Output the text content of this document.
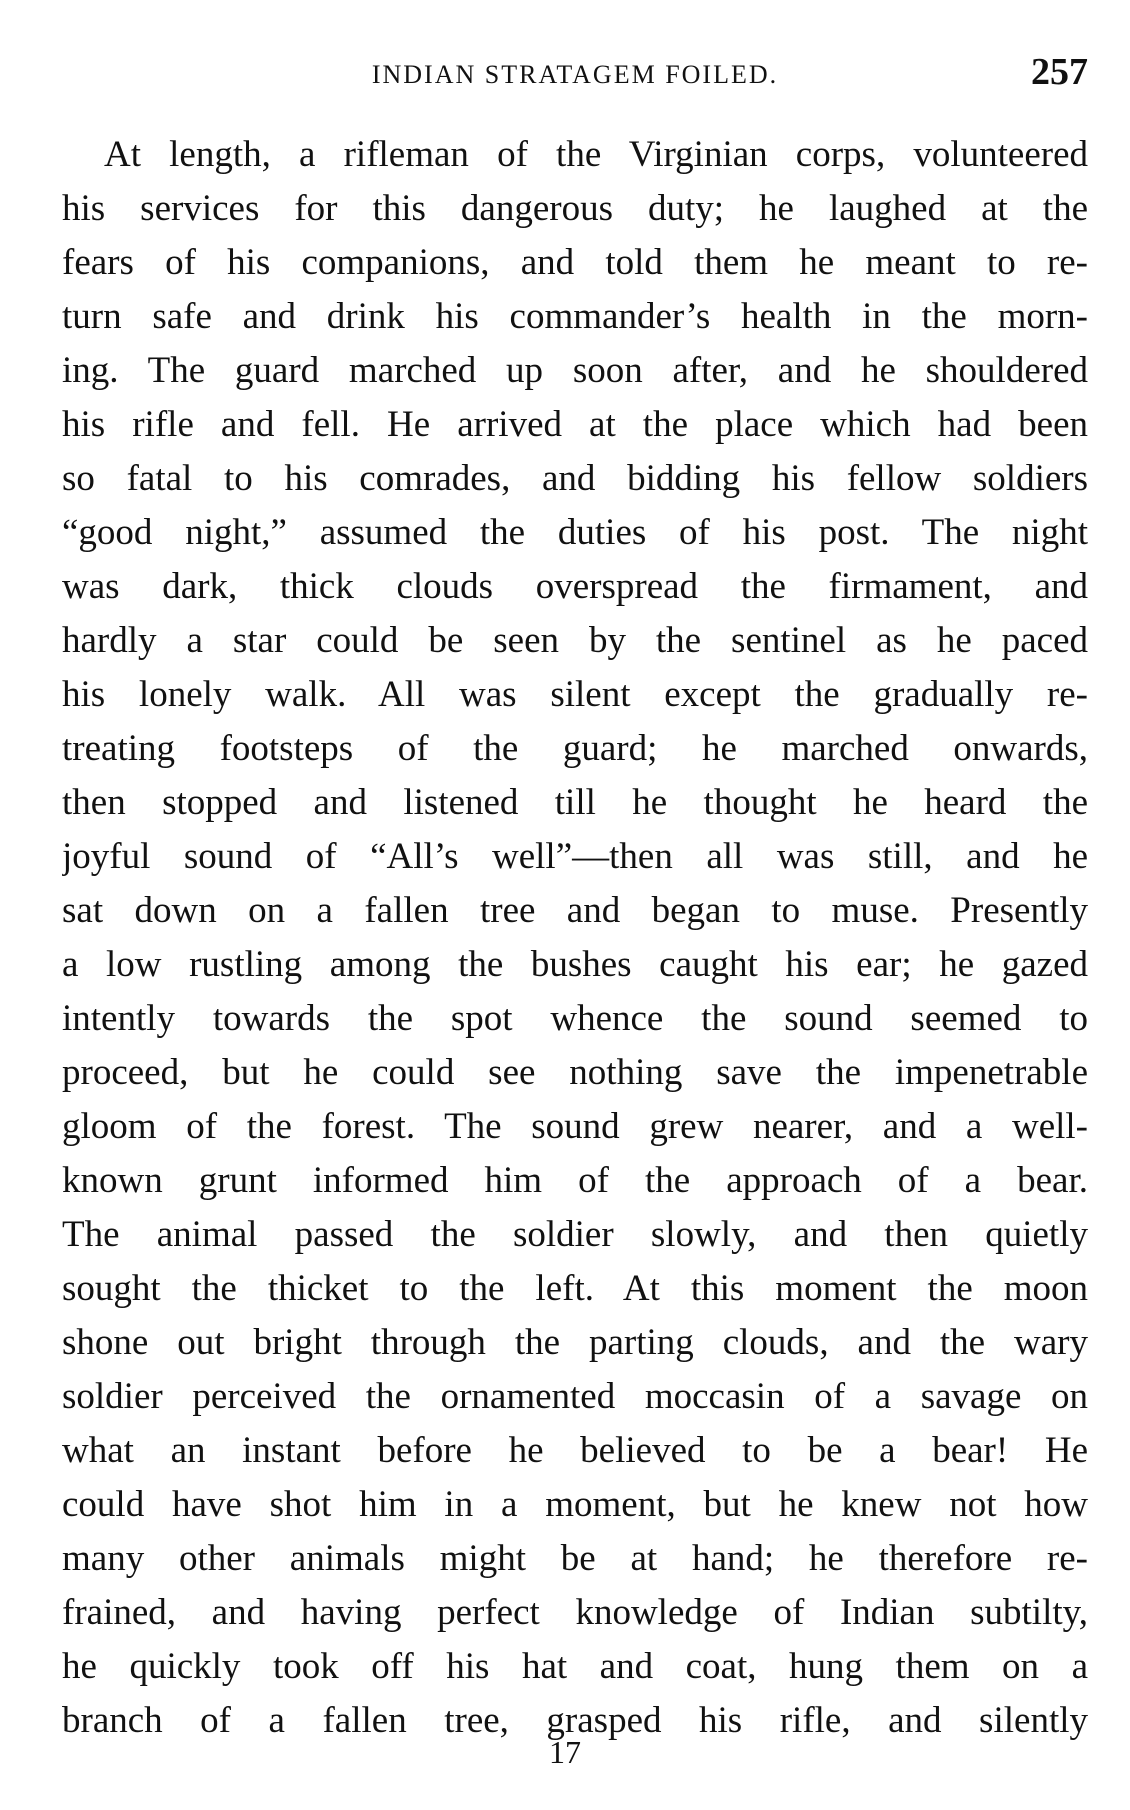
INDIAN STRATAGEM FOILED.	257
At length, a rifleman of the Virginian corps, volunteered
his services for this dangerous duty; he laughed at the
fears of his companions, and told them he meant to re-
turn safe and drink his commander’s health in the morn-
ing. The guard marched up soon after, and he shouldered
his rifle and fell. He arrived at the place which had been
so fatal to his comrades, and bidding his fellow soldiers
“good night,” assumed the duties of his post. The night
was dark, thick clouds overspread the firmament, and
hardly a star could be seen by the sentinel as he paced
his lonely walk. All was silent except the gradually re-
treating footsteps of the guard; he marched onwards,
then stopped and listened till he thought he heard the
joyful sound of “All’s well”—then all was still, and he
sat down on a fallen tree and began to muse. Presently
a low rustling among the bushes caught his ear; he gazed
intently towards the spot whence the sound seemed to
proceed, but he could see nothing save the impenetrable
gloom of the forest. The sound grew nearer, and a well-
known grunt informed him of the approach of a bear.
The animal passed the soldier slowly, and then quietly
sought the thicket to the left. At this moment the moon
shone out bright through the parting clouds, and the wary
soldier perceived the ornamented moccasin of a savage on
what an instant before he believed to be a bear! He
could have shot him in a moment, but he knew not how
many other animals might be at hand; he therefore re-
frained, and having perfect knowledge of Indian subtilty,
he quickly took off his hat and coat, hung them on a
branch of a fallen tree, grasped his rifle, and silently
17
